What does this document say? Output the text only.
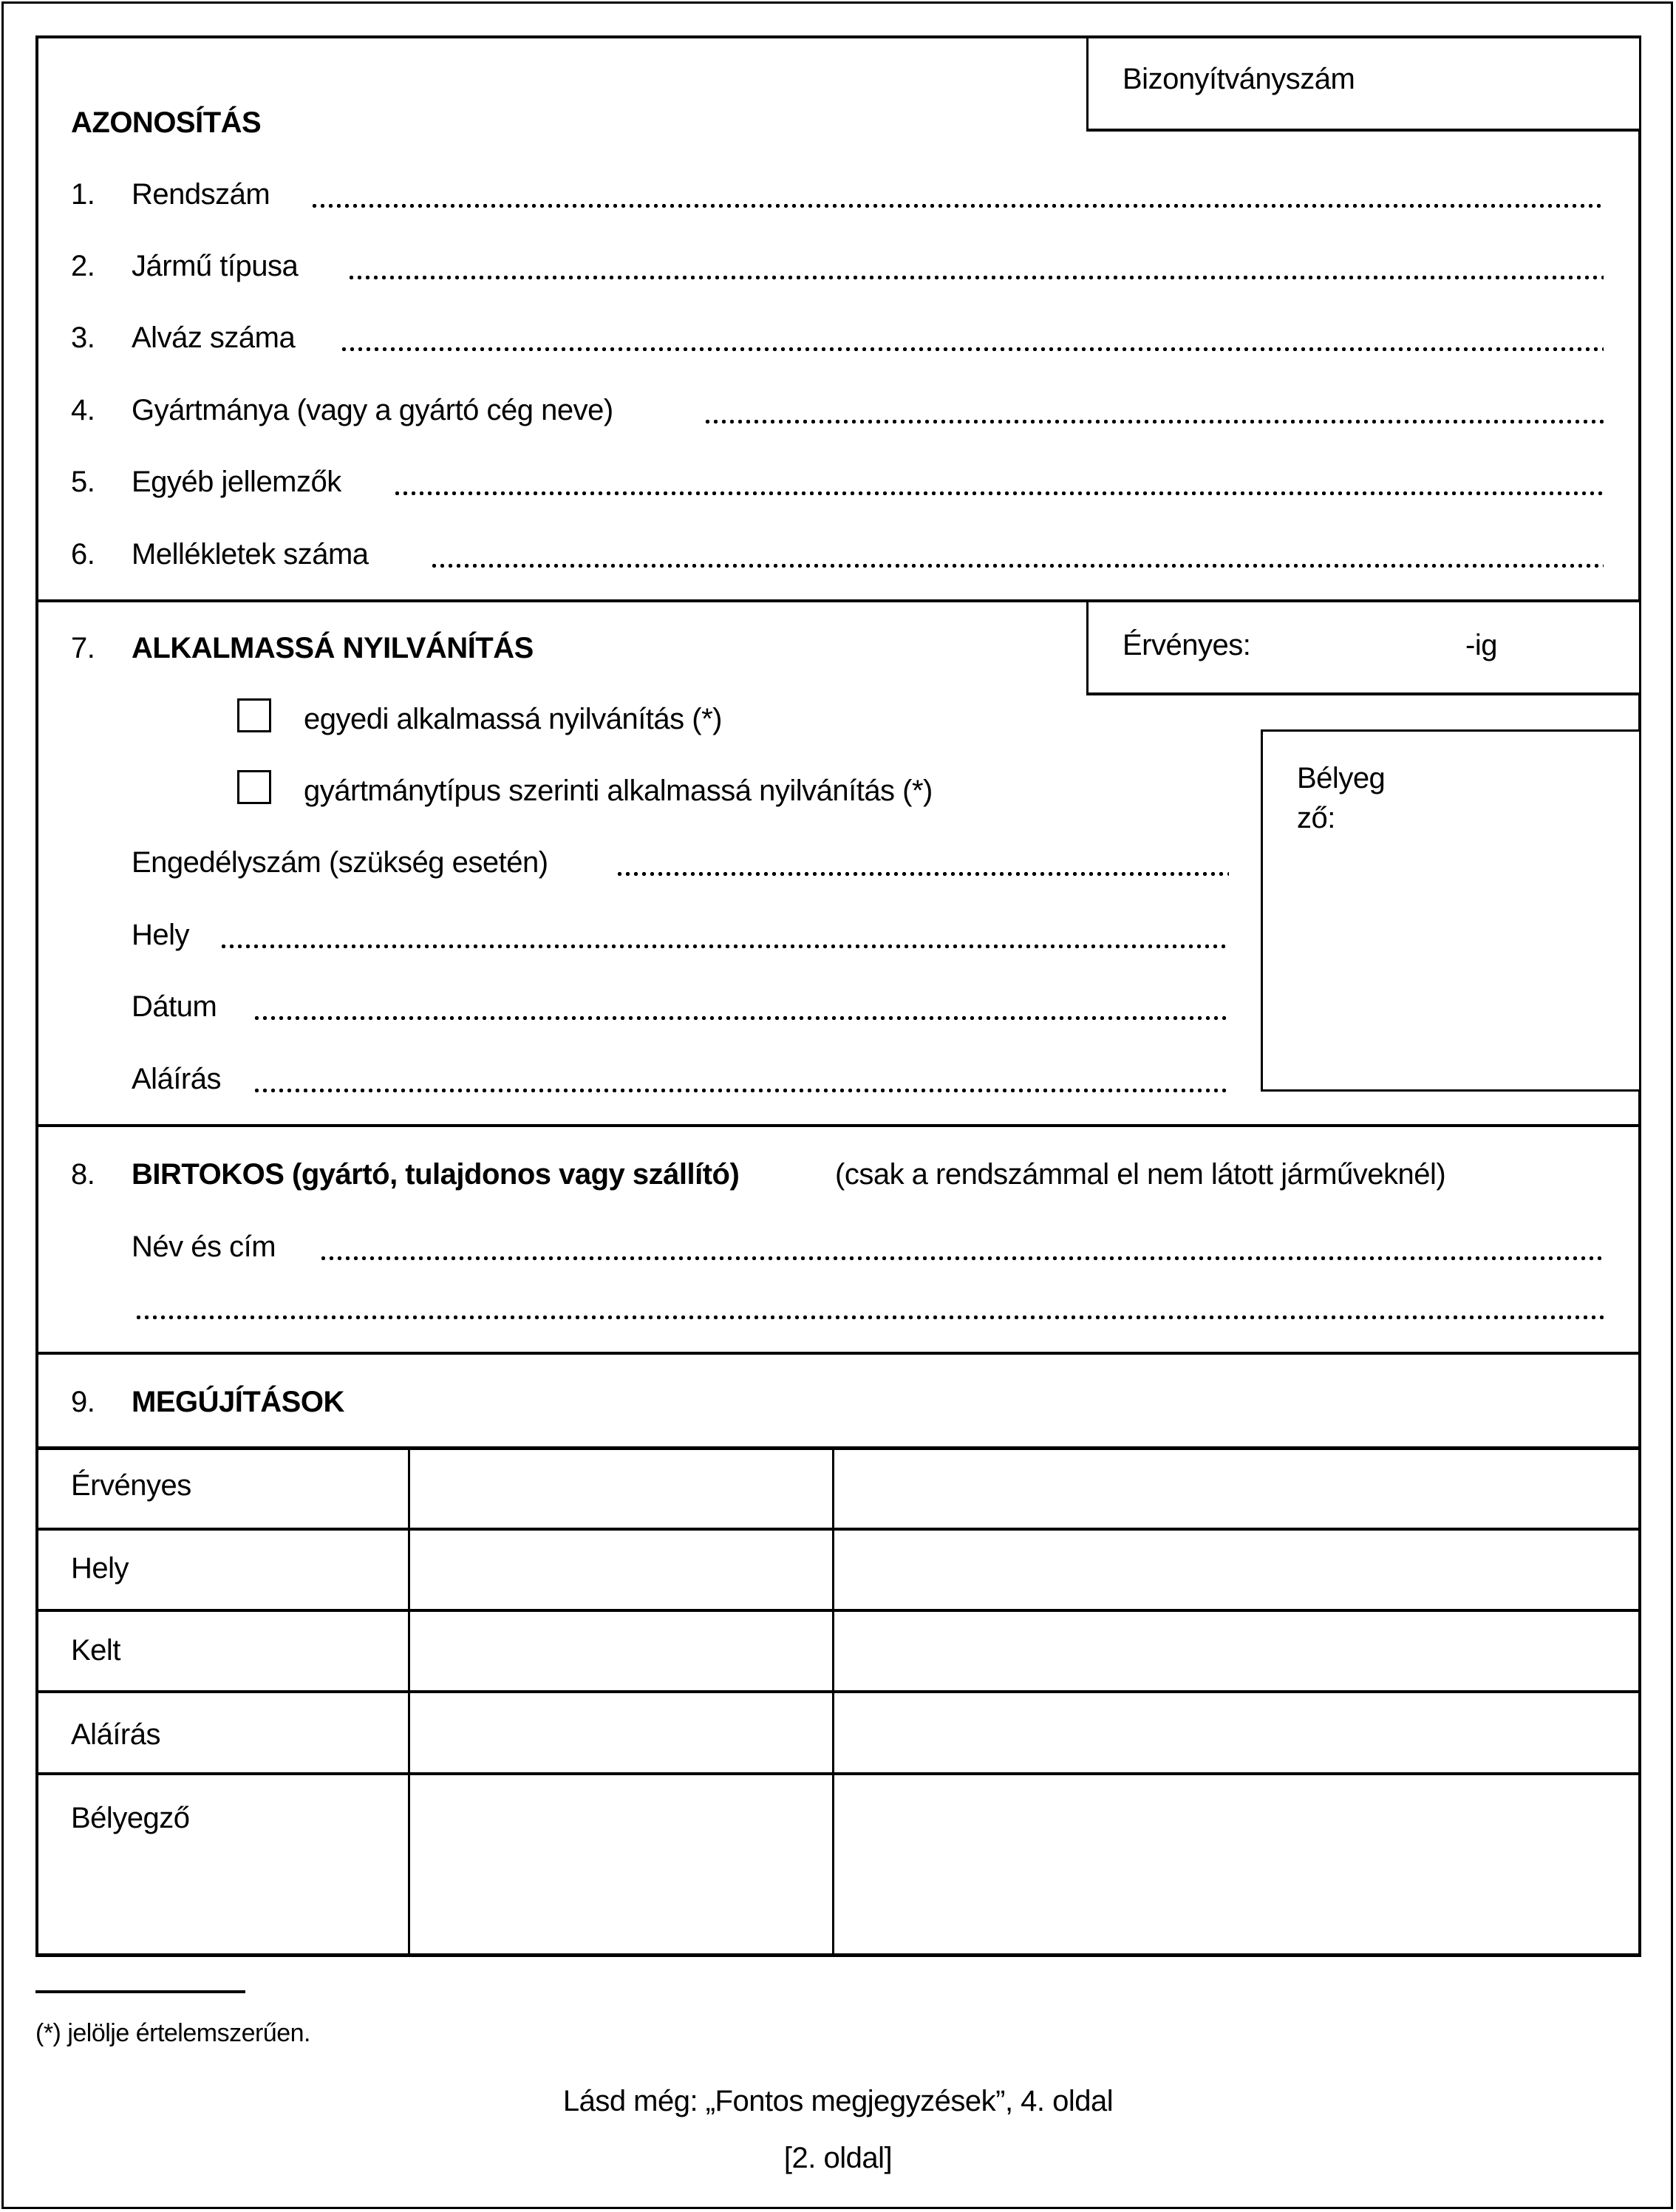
Bizonyítványszám
AZONOSÍTÁS
1. Rendszám
2. Jármű típusa
3. Alváz száma
4. Gyártmánya (vagy a gyártó cég neve)
5. Egyéb jellemzők
6. Mellékletek száma
7. ALKALMASSÁ NYILVÁNÍTÁS	Érvényes:	-ig
egyedi alkalmassá nyilvánítás (*)
gyártmánytípus szerinti alkalmassá nyilvánítás (*)
Engedélyszám (szükség esetén)
Hely
Dátum
Aláírás
Bélyeg
ző:
8. BIRTOKOS (gyártó, tulajdonos vagy szállító)	(csak a rendszámmal el nem látott járműveknél)
Név és cím
9. MEGÚJÍTÁSOK
Érvényes
Hely
Kelt
Aláírás
Bélyegző
(*) jelölje értelemszerűen.
Lásd még: „Fontos megjegyzések”, 4. oldal
[2. oldal]
